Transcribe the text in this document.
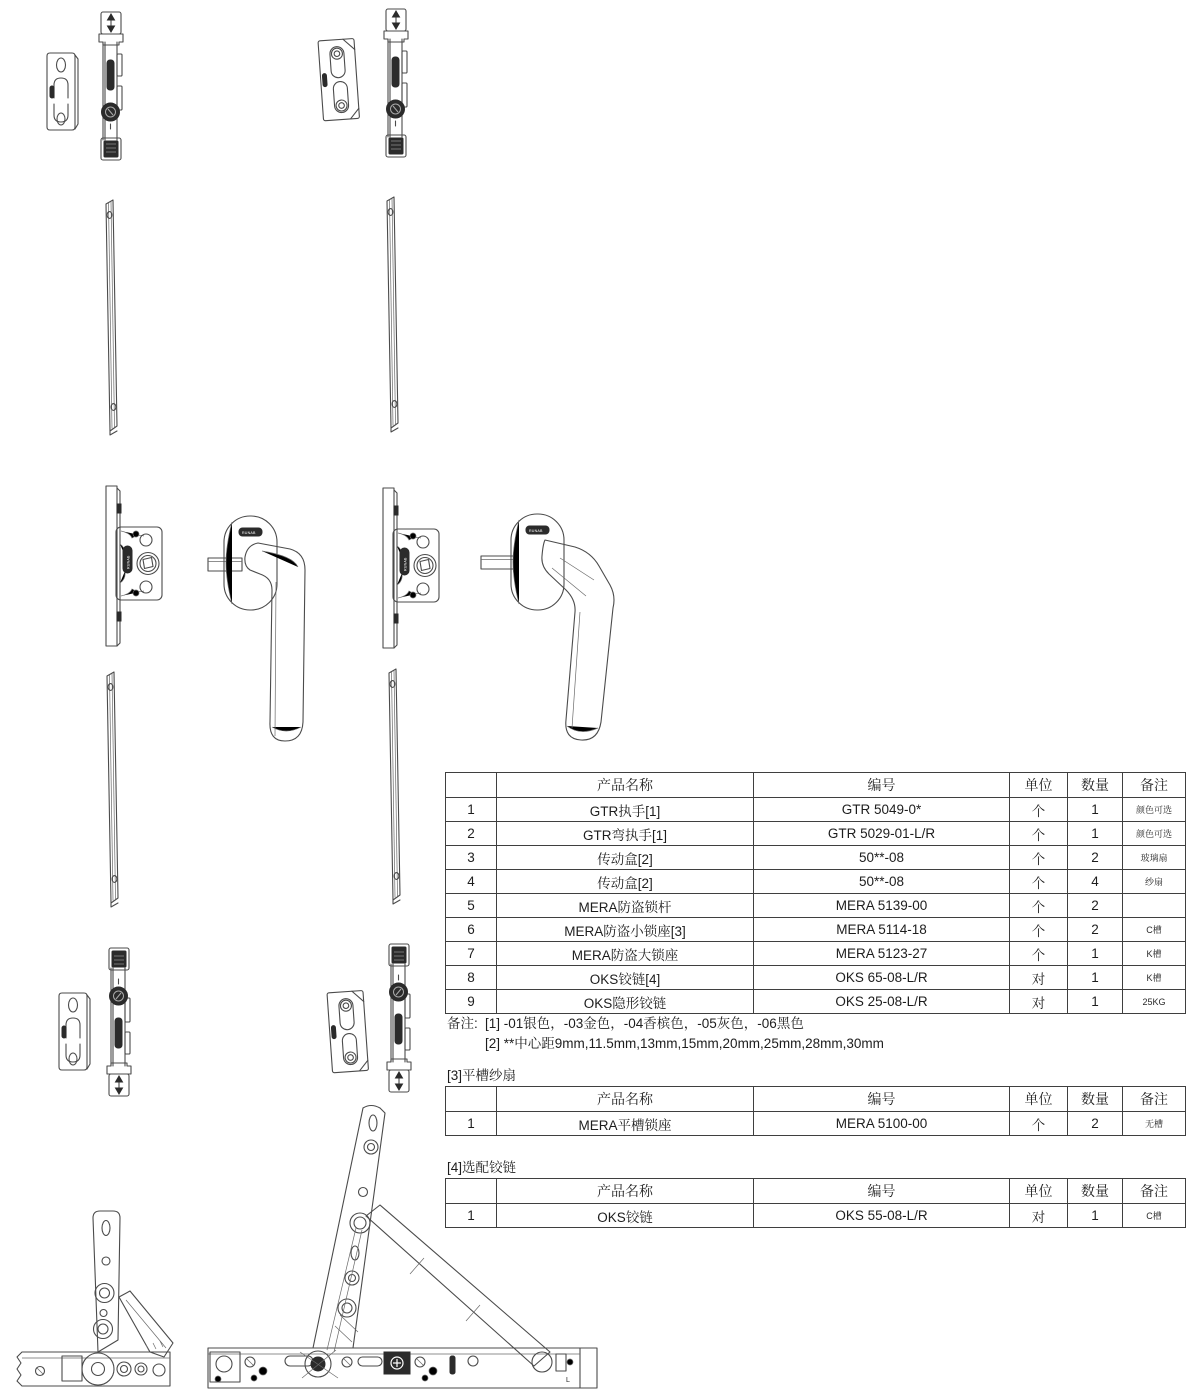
RUNAB
RUNAB	RUNAB
L
	产品名称	编号	单位	数量	备注
1	GTR执手[1]	GTR 5049-0*	个	1	颜色可选
2	GTR弯执手[1]	GTR 5029-01-L/R	个	1	颜色可选
3	传动盒[2]	50**-08	个	2	玻璃扇
4	传动盒[2]	50**-08	个	4	纱扇
5	MERA防盗锁杆	MERA 5139-00	个	2	
6	MERA防盗小锁座[3]	MERA 5114-18	个	2	C槽
7	MERA防盗大锁座	MERA 5123-27	个	1	K槽
8	OKS铰链[4]	OKS 65-08-L/R	对	1	K槽
9	OKS隐形铰链	OKS 25-08-L/R	对	1	25KG
备注: [1] -01银色，-03金色，-04香槟色，-05灰色，-06黑色
[2] **中心距9mm,11.5mm,13mm,15mm,20mm,25mm,28mm,30mm
[3]平槽纱扇
	产品名称	编号	单位	数量	备注
1	MERA平槽锁座	MERA 5100-00	个	2	无槽
[4]选配铰链
	产品名称	编号	单位	数量	备注
1	OKS铰链	OKS 55-08-L/R	对	1	C槽
